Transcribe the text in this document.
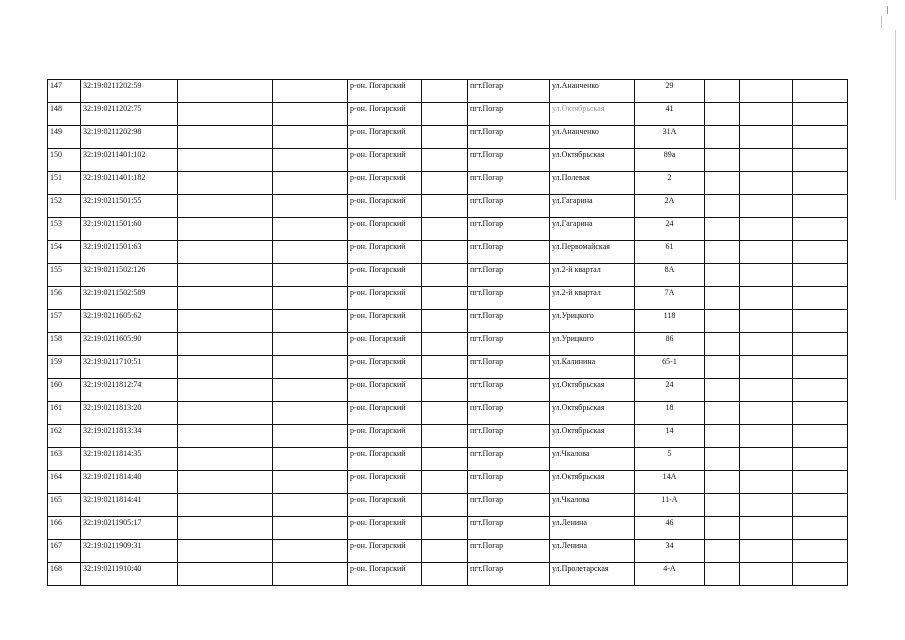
147	32:19:0211202:59			р-он. Погарский		пгт.Погар	ул.Ананченко	29			
148	32:19:0211202:75			р-он. Погарский		пгт.Погар	ул.Октябрьская	41			
149	32:19:0211202:98			р-он. Погарский		пгт.Погар	ул.Ананченко	31А			
150	32:19:0211401:102			р-он. Погарский		пгт.Погар	ул.Октябрьская	89а			
151	32:19:0211401:182			р-он. Погарский		пгт.Погар	ул.Полевая	2			
152	32:19:0211501:55			р-он. Погарский		пгт.Погар	ул.Гагарина	2А			
153	32:19:0211501:60			р-он. Погарский		пгт.Погар	ул.Гагарина	24			
154	32:19:0211501:63			р-он. Погарский		пгт.Погар	ул.Первомайская	61			
155	32:19:0211502:126			р-он. Погарский		пгт.Погар	ул.2-й квартал	8А			
156	32:19:0211502:589			р-он. Погарский		пгт.Погар	ул.2-й квартал	7А			
157	32:19:0211605:62			р-он. Погарский		пгт.Погар	ул.Урицкого	118			
158	32:19:0211605:90			р-он. Погарский		пгт.Погар	ул.Урицкого	86			
159	32:19:0211710:51			р-он. Погарский		пгт.Погар	ул.Калинина	65-1			
160	32:19:0211812:74			р-он. Погарский		пгт.Погар	ул.Октябрьская	24			
161	32:19:0211813:20			р-он. Погарский		пгт.Погар	ул.Октябрьская	18			
162	32:19:0211813:34			р-он. Погарский		пгт.Погар	ул.Октябрьская	14			
163	32:19:0211814:35			р-он. Погарский		пгт.Погар	ул.Чкалова	5			
164	32:19:0211814:40			р-он. Погарский		пгт.Погар	ул.Октябрьская	14А			
165	32:19:0211814:41			р-он. Погарский		пгт.Погар	ул.Чкалова	11-А			
166	32:19:0211905:17			р-он. Погарский		пгт.Погар	ул.Ленина	46			
167	32:19:0211909:31			р-он. Погарский		пгт.Погар	ул.Ленина	34			
168	32:19:0211910:40			р-он. Погарский		пгт.Погар	ул.Пролетарская	4-А			
